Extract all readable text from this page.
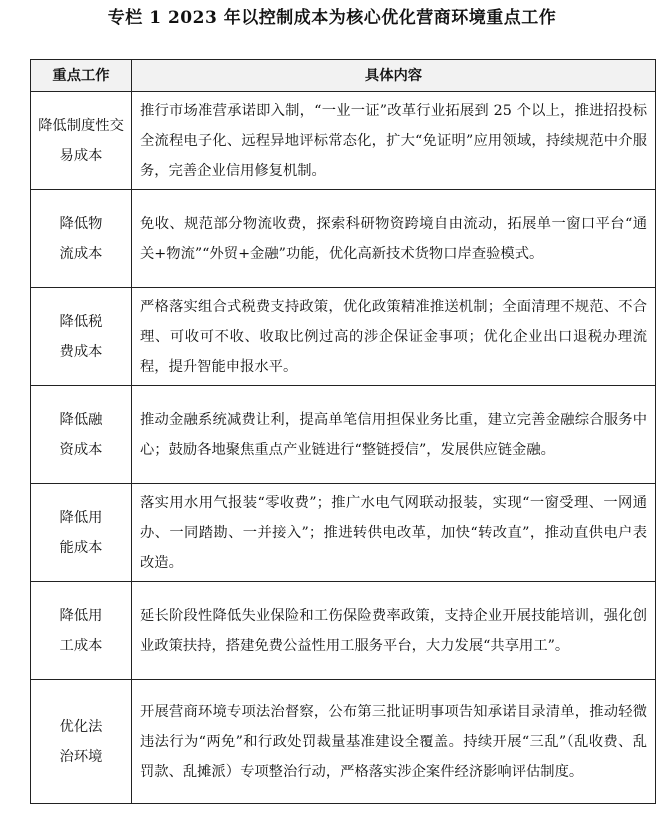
专栏 1 2023 年以控制成本为核心优化营商环境重点工作
重点工作	具体内容
降低制度性交易成本	推行市场准营承诺即入制，“一业一证”改革行业拓展到 25 个以上，推进招投标全流程电子化、远程异地评标常态化，扩大“免证明”应用领域，持续规范中介服务，完善企业信用修复机制。
降低物流成本	免收、规范部分物流收费，探索科研物资跨境自由流动，拓展单一窗口平台“通关+物流”“外贸+金融”功能，优化高新技术货物口岸查验模式。
降低税费成本	严格落实组合式税费支持政策，优化政策精准推送机制；全面清理不规范、不合理、可收可不收、收取比例过高的涉企保证金事项；优化企业出口退税办理流程，提升智能申报水平。
降低融资成本	推动金融系统减费让利，提高单笔信用担保业务比重，建立完善金融综合服务中心；鼓励各地聚焦重点产业链进行“整链授信”，发展供应链金融。
降低用能成本	落实用水用气报装“零收费”；推广水电气网联动报装，实现“一窗受理、一网通办、一同踏勘、一并接入”；推进转供电改革，加快“转改直”，推动直供电户表改造。
降低用工成本	延长阶段性降低失业保险和工伤保险费率政策，支持企业开展技能培训，强化创业政策扶持，搭建免费公益性用工服务平台，大力发展“共享用工”。
优化法治环境	开展营商环境专项法治督察，公布第三批证明事项告知承诺目录清单，推动轻微违法行为“两免”和行政处罚裁量基准建设全覆盖。持续开展“三乱”（乱收费、乱罚款、乱摊派）专项整治行动，严格落实涉企案件经济影响评估制度。
